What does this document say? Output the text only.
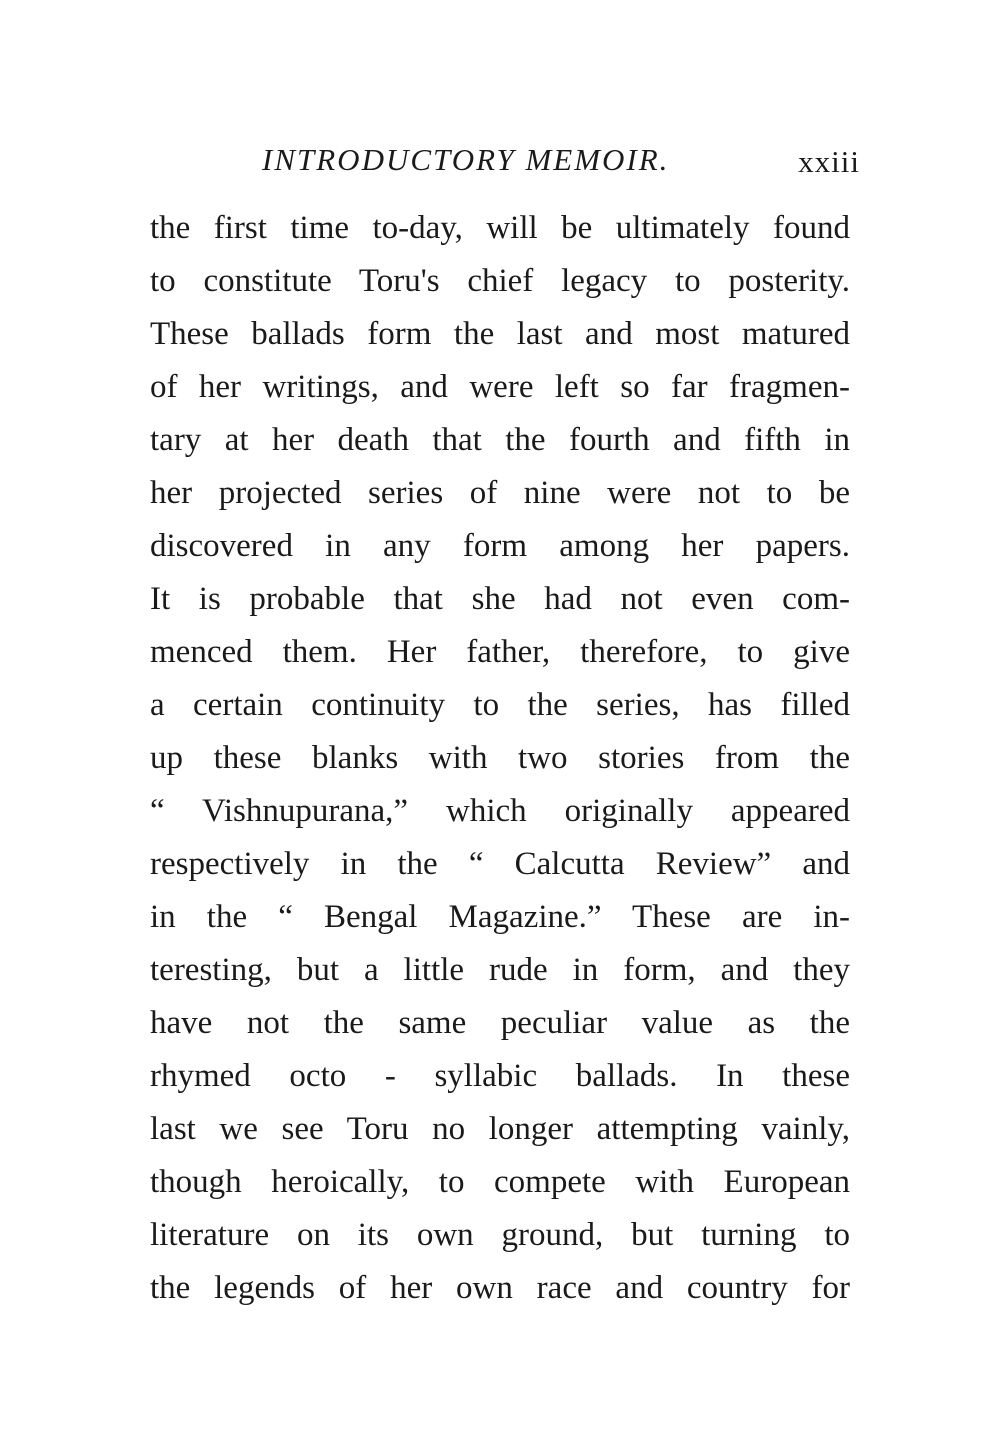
INTRODUCTORY MEMOIR.	xxiii
the first time to-day, will be ultimately found
to constitute Toru's chief legacy to posterity.
These ballads form the last and most matured
of her writings, and were left so far fragmen-
tary at her death that the fourth and fifth in
her projected series of nine were not to be
discovered in any form among her papers.
It is probable that she had not even com-
menced them. Her father, therefore, to give
a certain continuity to the series, has filled
up these blanks with two stories from the
“ Vishnupurana,” which originally appeared
respectively in the “ Calcutta Review” and
in the “ Bengal Magazine.” These are in-
teresting, but a little rude in form, and they
have not the same peculiar value as the
rhymed octo - syllabic ballads. In these
last we see Toru no longer attempting vainly,
though heroically, to compete with European
literature on its own ground, but turning to
the legends of her own race and country for
